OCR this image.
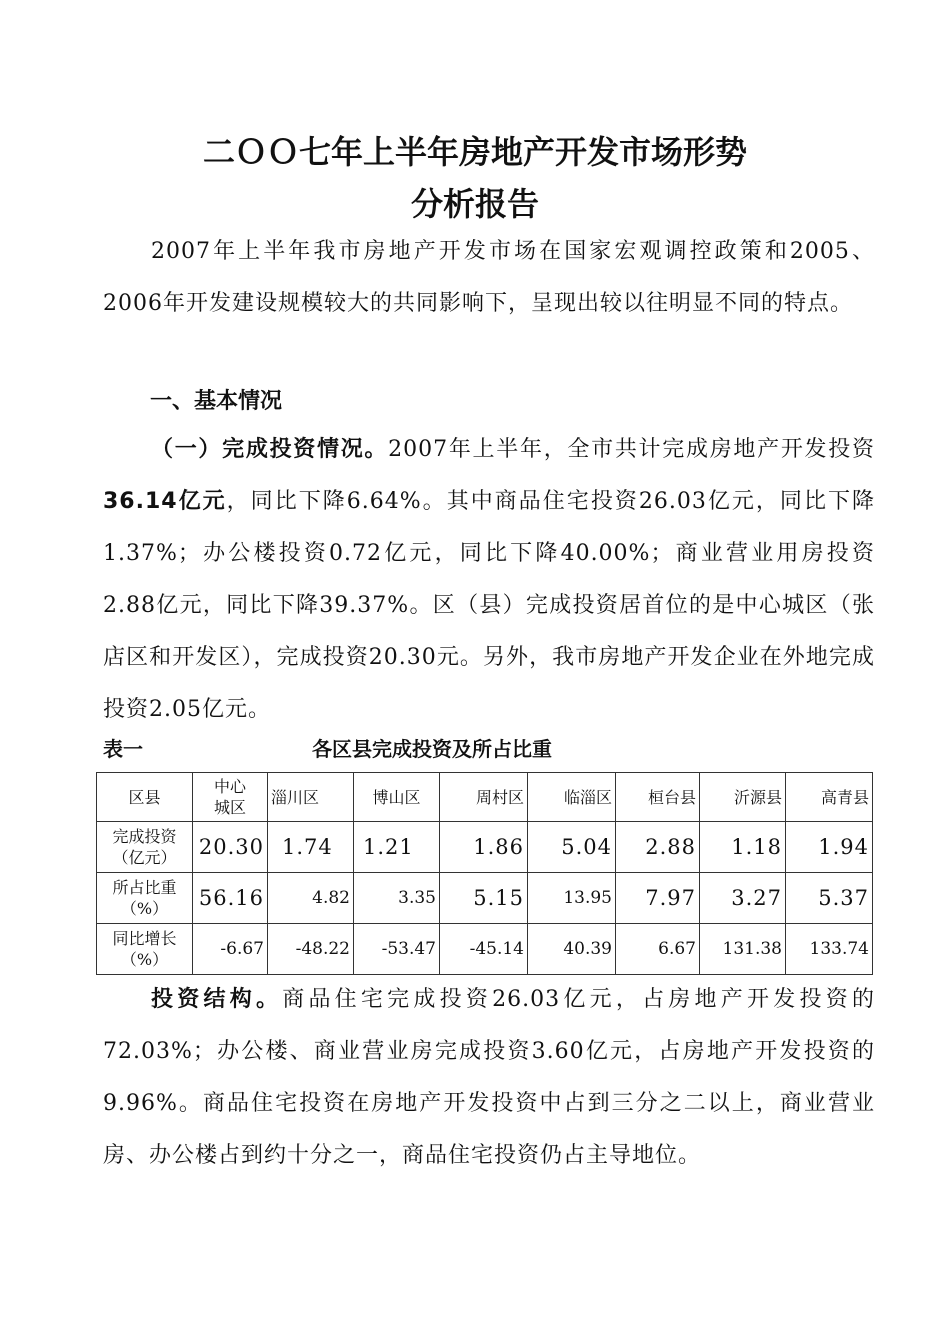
二ＯＯ七年上半年房地产开发市场形势
分析报告

2007年上半年我市房地产开发市场在国家宏观调控政策和2005、2006年开发建设规模较大的共同影响下，呈现出较以往明显不同的特点。

一、基本情况

（一）完成投资情况。2007年上半年，全市共计完成房地产开发投资36.14亿元，同比下降6.64%。其中商品住宅投资26.03亿元，同比下降1.37%；办公楼投资0.72亿元，同比下降40.00%；商业营业用房投资2.88亿元，同比下降39.37%。区（县）完成投资居首位的是中心城区（张店区和开发区），完成投资20.30元。另外，我市房地产开发企业在外地完成投资2.05亿元。

表一	各区县完成投资及所占比重
区县	中心城区	淄川区	博山区	周村区	临淄区	桓台县	沂源县	高青县
完成投资（亿元）	20.30	1.74	1.21	1.86	5.04	2.88	1.18	1.94
所占比重（%）	56.16	4.82	3.35	5.15	13.95	7.97	3.27	5.37
同比增长（%）	-6.67	-48.22	-53.47	-45.14	40.39	6.67	131.38	133.74

投资结构。商品住宅完成投资26.03亿元，占房地产开发投资的72.03%；办公楼、商业营业房完成投资3.60亿元，占房地产开发投资的9.96%。商品住宅投资在房地产开发投资中占到三分之二以上，商业营业房、办公楼占到约十分之一，商品住宅投资仍占主导地位。
